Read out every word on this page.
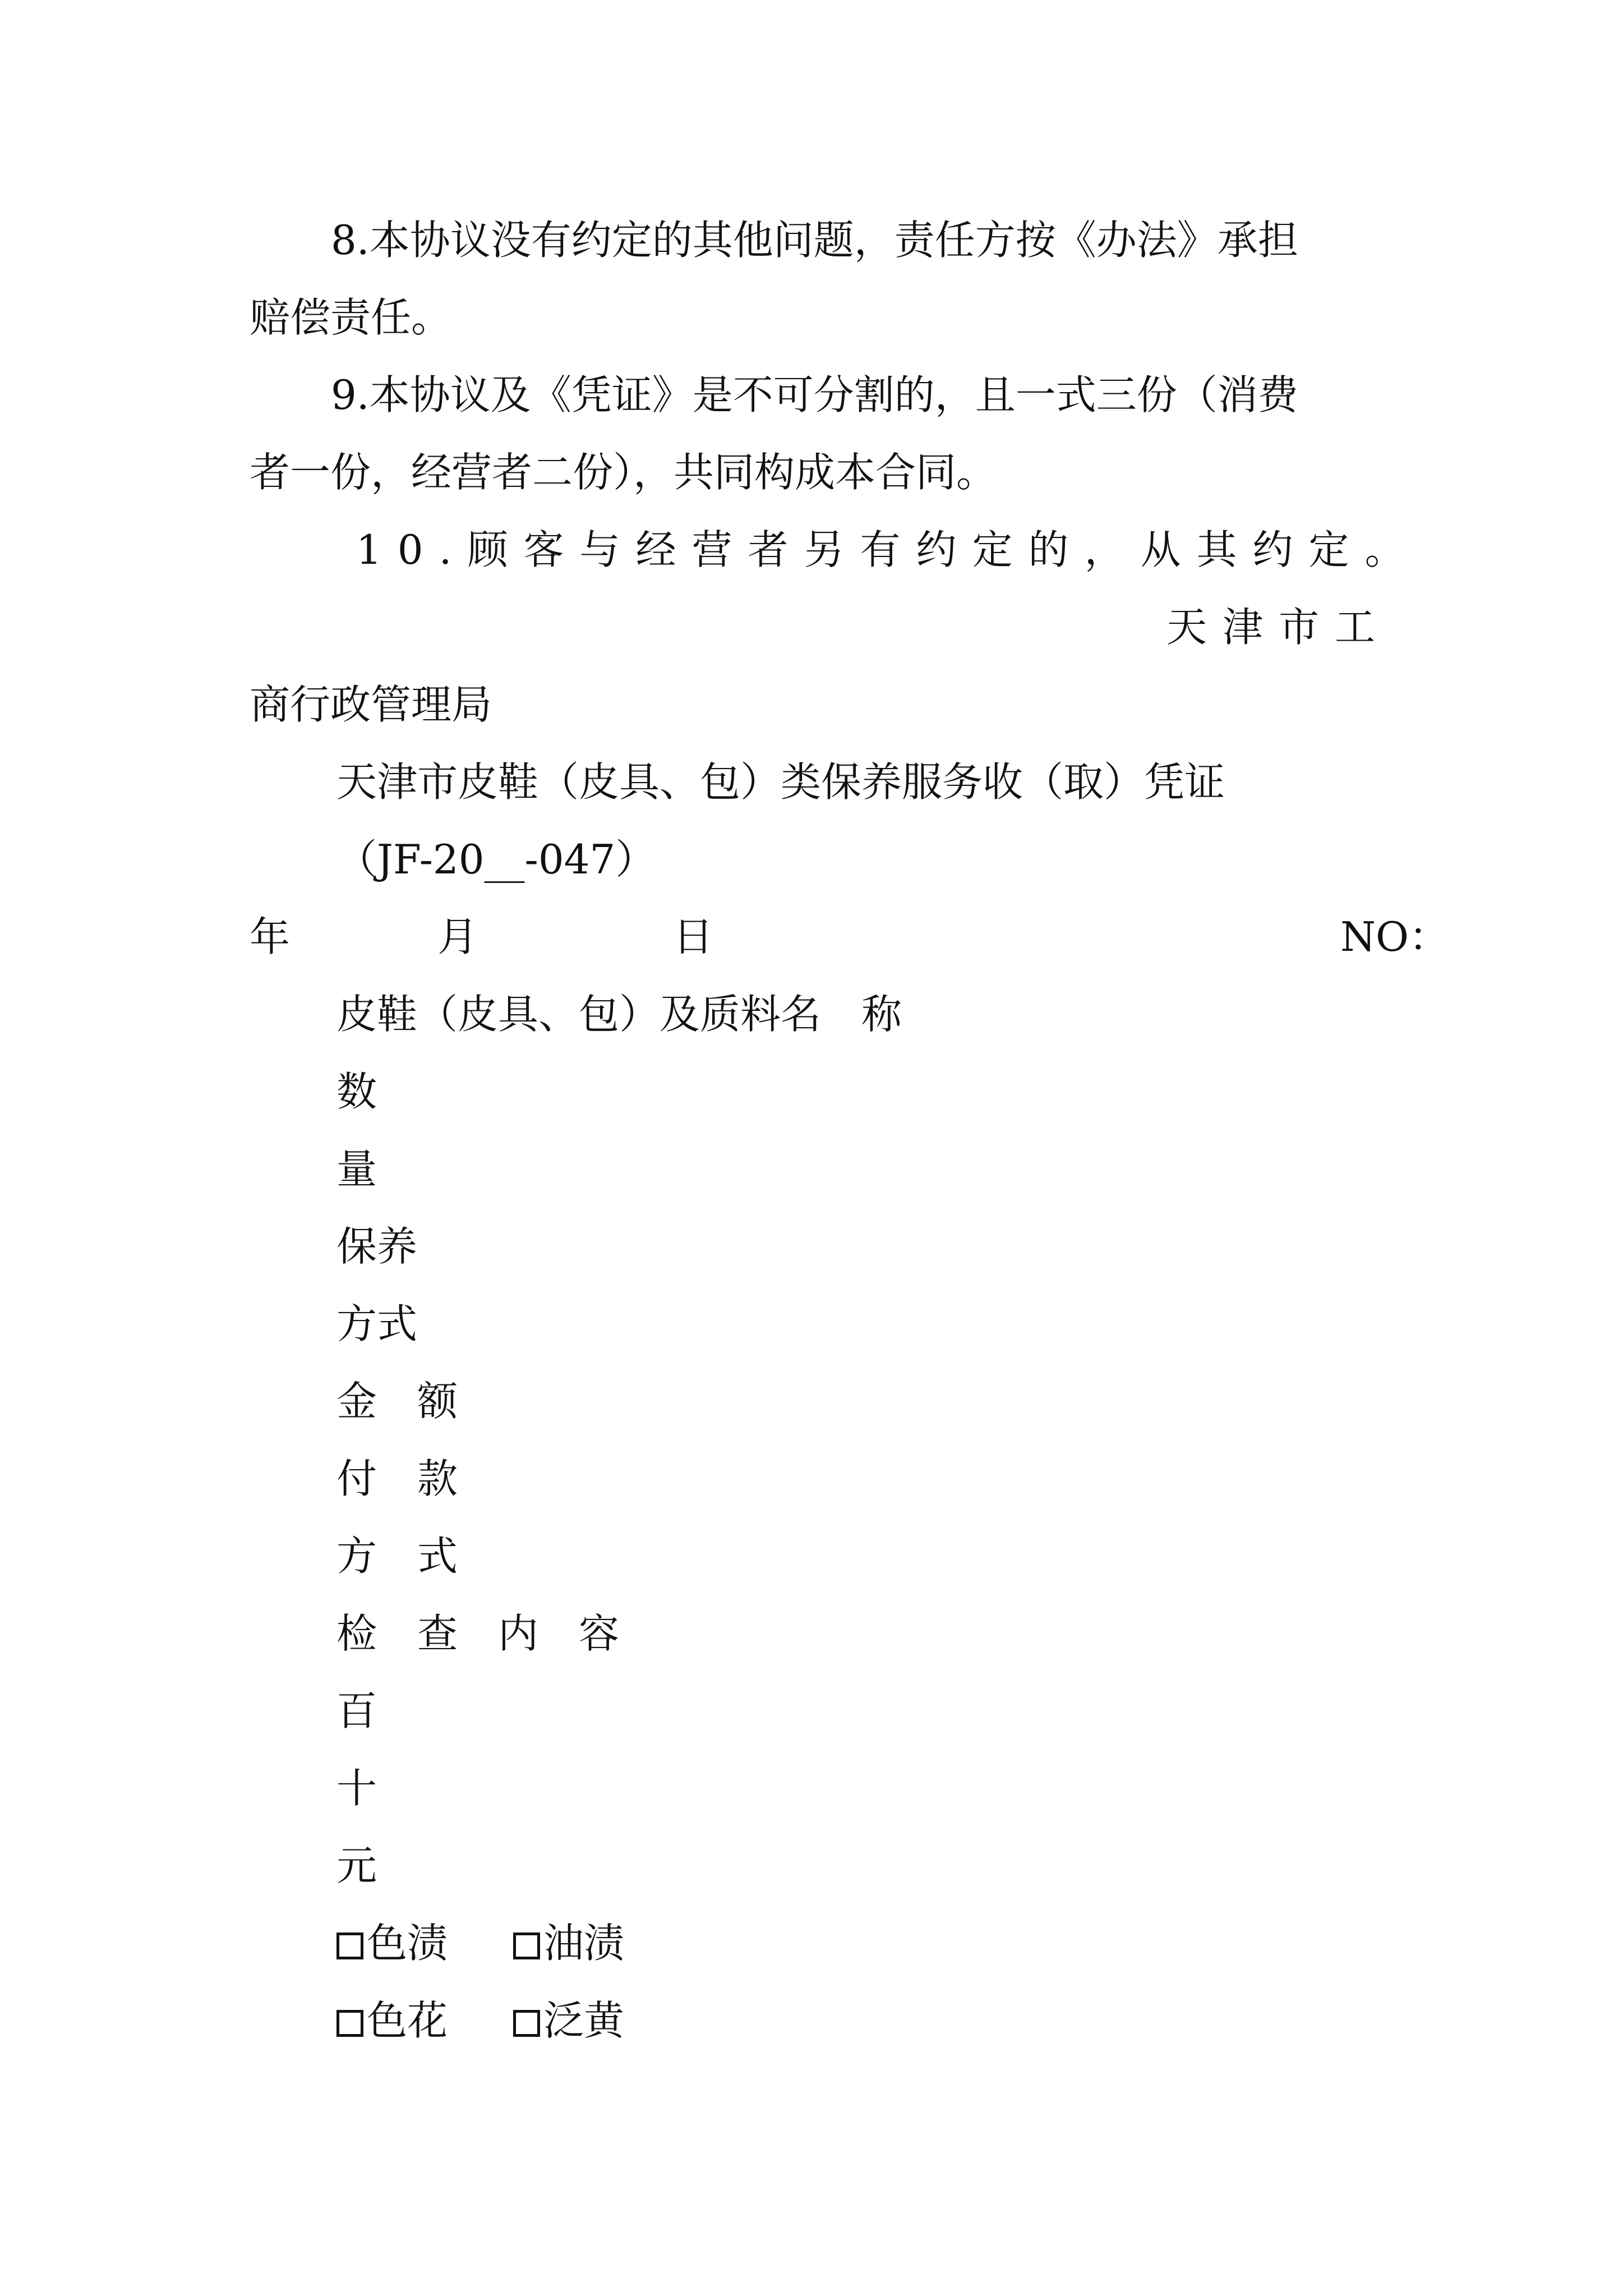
8.本协议没有约定的其他问题，责任方按《办法》承担
赔偿责任。
9.本协议及《凭证》是不可分割的，且一式三份（消费
者一份，经营者二份），共同构成本合同。
10.顾客与经营者另有约定的，从其约定。
天津市工
商行政管理局
天津市皮鞋（皮具、包）类保养服务收（取）凭证
（JF-20__-047）
年	月	日	NO：
皮鞋（皮具、包）及质料名　称
数
量
保养
方式
金　额
付　款
方　式
检　查　内　容
百
十
元
色渍	油渍
色花	泛黄
